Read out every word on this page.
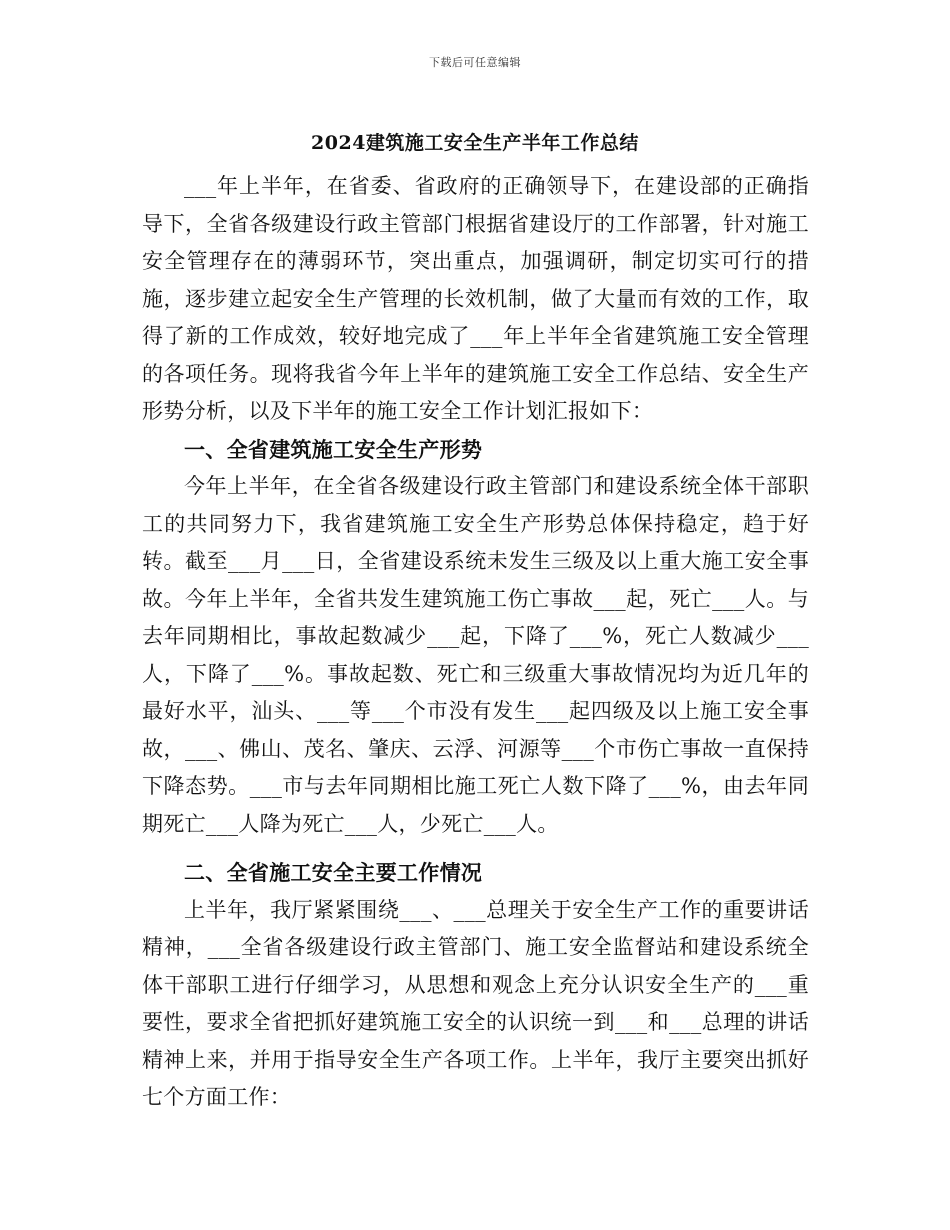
下载后可任意编辑
2024建筑施工安全生产半年工作总结

___年上半年，在省委、省政府的正确领导下，在建设部的正确指导下，全省各级建设行政主管部门根据省建设厅的工作部署，针对施工安全管理存在的薄弱环节，突出重点，加强调研，制定切实可行的措施，逐步建立起安全生产管理的长效机制，做了大量而有效的工作，取得了新的工作成效，较好地完成了___年上半年全省建筑施工安全管理的各项任务。现将我省今年上半年的建筑施工安全工作总结、安全生产形势分析，以及下半年的施工安全工作计划汇报如下：

一、全省建筑施工安全生产形势

今年上半年，在全省各级建设行政主管部门和建设系统全体干部职工的共同努力下，我省建筑施工安全生产形势总体保持稳定，趋于好转。截至___月___日，全省建设系统未发生三级及以上重大施工安全事故。今年上半年，全省共发生建筑施工伤亡事故___起，死亡___人。与去年同期相比，事故起数减少___起，下降了___%，死亡人数减少___人，下降了___%。事故起数、死亡和三级重大事故情况均为近几年的最好水平，汕头、___等___个市没有发生___起四级及以上施工安全事故，___、佛山、茂名、肇庆、云浮、河源等___个市伤亡事故一直保持下降态势。___市与去年同期相比施工死亡人数下降了___%，由去年同期死亡___人降为死亡___人，少死亡___人。

二、全省施工安全主要工作情况

上半年，我厅紧紧围绕___、___总理关于安全生产工作的重要讲话精神，___全省各级建设行政主管部门、施工安全监督站和建设系统全体干部职工进行仔细学习，从思想和观念上充分认识安全生产的___重要性，要求全省把抓好建筑施工安全的认识统一到___和___总理的讲话精神上来，并用于指导安全生产各项工作。上半年，我厅主要突出抓好七个方面工作：
